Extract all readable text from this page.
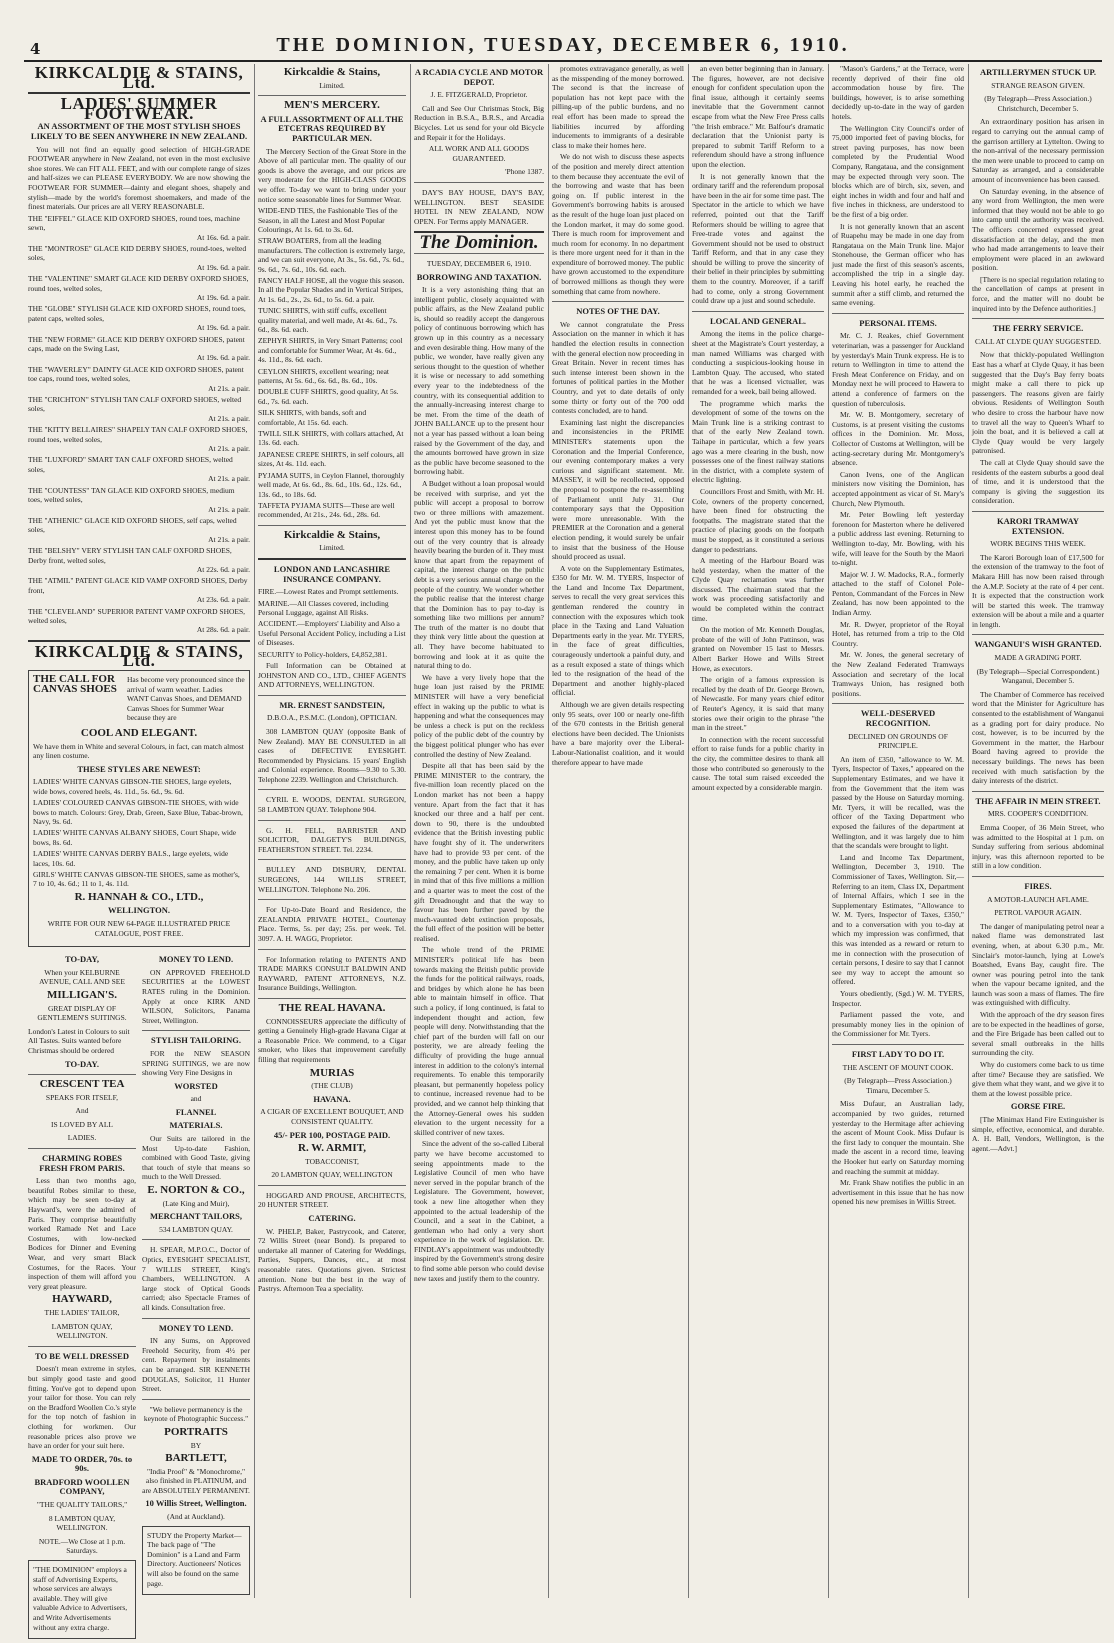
4	THE DOMINION, TUESDAY, DECEMBER 6, 1910.
KIRKCALDIE & STAINS, Ltd.
LADIES' SUMMER FOOTWEAR.
AN ASSORTMENT OF THE MOST STYLISH SHOES LIKELY TO BE SEEN ANYWHERE IN NEW ZEALAND.

You will not find an equally good selection of HIGH-GRADE FOOTWEAR anywhere in New Zealand, not even in the most exclusive shoe stores. We can FIT ALL FEET, and with our complete range of sizes and half-sizes we can PLEASE EVERYBODY. We are now showing the FOOTWEAR FOR SUMMER—dainty and elegant shoes, shapely and stylish—made by the world's foremost shoemakers, and made of the finest materials. Our prices are all VERY REASONABLE.

THE "EIFFEL" GLACE KID OXFORD SHOES, round toes, machine sewn,
At 16s. 6d. a pair.
THE "MONTROSE" GLACE KID DERBY SHOES, round-toes, welted soles,
At 19s. 6d. a pair.
THE "VALENTINE" SMART GLACE KID DERBY OXFORD SHOES, round toes, welted soles,
At 19s. 6d. a pair.
THE "GLOBE" STYLISH GLACE KID OXFORD SHOES, round toes, patent caps, welted soles,
At 19s. 6d. a pair.
THE "NEW FORME" GLACE KID DERBY OXFORD SHOES, patent caps, made on the Swing Last,
At 19s. 6d. a pair.
THE "WAVERLEY" DAINTY GLACE KID OXFORD SHOES, patent toe caps, round toes, welted soles,
At 21s. a pair.
THE "CRICHTON" STYLISH TAN CALF OXFORD SHOES, welted soles,
At 21s. a pair.
THE "KITTY BELLAIRES" SHAPELY TAN CALF OXFORD SHOES, round toes, welted soles,
At 21s. a pair.
THE "LUXFORD" SMART TAN CALF OXFORD SHOES, welted soles,
At 21s. a pair.
THE "COUNTESS" TAN GLACE KID OXFORD SHOES, medium toes, welted soles,
At 21s. a pair.
THE "ATHENIC" GLACE KID OXFORD SHOES, self caps, welted soles,
At 21s. a pair.
THE "BELSHY" VERY STYLISH TAN CALF OXFORD SHOES, Derby front, welted soles,
At 22s. 6d. a pair.
THE "ATMIL" PATENT GLACE KID VAMP OXFORD SHOES, Derby front,
At 23s. 6d. a pair.
THE "CLEVELAND" SUPERIOR PATENT VAMP OXFORD SHOES, welted soles,
At 28s. 6d. a pair.
KIRKCALDIE & STAINS, Ltd.
THE CALL FOR CANVAS SHOES
Has become very pronounced since the arrival of warm weather. Ladies WANT Canvas Shoes, and DEMAND Canvas Shoes for Summer Wear because they are
COOL AND ELEGANT.
We have them in White and several Colours, in fact, can match almost any linen costume.
THESE STYLES ARE NEWEST:
LADIES' WHITE CANVAS GIBSON-TIE SHOES, large eyelets, wide bows, covered heels, 4s. 11d., 5s. 6d., 9s. 6d.
LADIES' COLOURED CANVAS GIBSON-TIE SHOES, with wide bows to match. Colours: Grey, Drab, Green, Saxe Blue, Tabac-brown, Navy, 9s. 6d.
LADIES' WHITE CANVAS ALBANY SHOES, Court Shape, wide bows, 8s. 6d.
LADIES' WHITE CANVAS DERBY BALS., large eyelets, wide laces, 10s. 6d.
GIRLS' WHITE CANVAS GIBSON-TIE SHOES, same as mother's, 7 to 10, 4s. 6d.; 11 to 1, 4s. 11d.
R. HANNAH & CO., LTD.,
WELLINGTON.
WRITE FOR OUR NEW 64-PAGE ILLUSTRATED PRICE CATALOGUE, POST FREE.
TO-DAY,
When your KELBURNE AVENUE, CALL AND SEE
MILLIGAN'S.
GREAT DISPLAY OF GENTLEMEN'S SUITINGS.
London's Latest in Colours to suit All Tastes. Suits wanted before Christmas should be ordered
TO-DAY.
CRESCENT TEA
SPEAKS FOR ITSELF,
And
IS LOVED BY ALL
LADIES.
CHARMING ROBES FRESH FROM PARIS.

Less than two months ago, beautiful Robes similar to these, which may be seen to-day at Hayward's, were the admired of Paris. They comprise beautifully worked Ramade Net and Lace Costumes, with low-necked Bodices for Dinner and Evening Wear, and very smart Black Costumes, for the Races. Your inspection of them will afford you very great pleasure.

HAYWARD,
THE LADIES' TAILOR,
LAMBTON QUAY, WELLINGTON.
TO BE WELL DRESSED

Doesn't mean extreme in styles, but simply good taste and good fitting. You've got to depend upon your tailor for those. You can rely on the Bradford Woollen Co.'s style for the top notch of fashion in clothing for workmen. Our reasonable prices also prove we have an order for your suit here.

MADE TO ORDER, 70s. to 90s.
BRADFORD WOOLLEN COMPANY,
"THE QUALITY TAILORS,"
8 LAMBTON QUAY, WELLINGTON.
NOTE.—We Close at 1 p.m. Saturdays.
"THE DOMINION" employs a staff of Advertising Experts, whose services are always available. They will give valuable Advice to Advertisers, and Write Advertisements without any extra charge.
MONEY TO LEND.

ON APPROVED FREEHOLD SECURITIES at the LOWEST RATES ruling in the Dominion. Apply at once KIRK AND WILSON, Solicitors, Panama Street, Wellington.

STYLISH TAILORING.

FOR the NEW SEASON SPRING SUITINGS, we are now showing Very Fine Designs in

WORSTED
and
FLANNEL
MATERIALS.

Our Suits are tailored in the Most Up-to-date Fashion, combined with Good Taste, giving that touch of style that means so much to the Well Dressed.

E. NORTON & CO.,
(Late King and Muir),
MERCHANT TAILORS,
534 LAMBTON QUAY.

H. SPEAR, M.P.O.C., Doctor of Optics, EYESIGHT SPECIALIST, 7 WILLIS STREET, King's Chambers, WELLINGTON. A large stock of Optical Goods carried; also Spectacle Frames of all kinds. Consultation free.

MONEY TO LEND.

IN any Sums, on Approved Freehold Security, from 4½ per cent. Repayment by instalments can be arranged. SIR KENNETH DOUGLAS, Solicitor, 11 Hunter Street.

"We believe permanency is the keynote of Photographic Success."
PORTRAITS
BY
BARTLETT,
"India Proof" & "Monochrome," also finished in PLATINUM, and are ABSOLUTELY PERMANENT.
10 Willis Street, Wellington.
(And at Auckland).
STUDY the Property Market—The back page of "The Dominion" is a Land and Farm Directory. Auctioneers' Notices will also be found on the same page.
Kirkcaldie & Stains,
Limited.
MEN'S MERCERY.
A FULL ASSORTMENT OF ALL THE ETCETRAS REQUIRED BY PARTICULAR MEN.

The Mercery Section of the Great Store in the Above of all particular men. The quality of our goods is above the average, and our prices are very moderate for the HIGH-CLASS GOODS we offer. To-day we want to bring under your notice some seasonable lines for Summer Wear.

WIDE-END TIES, the Fashionable Ties of the Season, in all the Latest and Most Popular Colourings, At 1s. 6d. to 3s. 6d.
STRAW BOATERS, from all the leading manufacturers. The collection is extremely large, and we can suit everyone, At 3s., 5s. 6d., 7s. 6d., 9s. 6d., 7s. 6d., 10s. 6d. each.
FANCY HALF HOSE, all the vogue this season. In all the Popular Shades and in Vertical Stripes, At 1s. 6d., 2s., 2s. 6d., to 5s. 6d. a pair.
TUNIC SHIRTS, with stiff cuffs, excellent quality material, and well made, At 4s. 6d., 7s. 6d., 8s. 6d. each.
ZEPHYR SHIRTS, in Very Smart Patterns; cool and comfortable for Summer Wear, At 4s. 6d., 4s. 11d., 8s. 6d. each.
CEYLON SHIRTS, excellent wearing; neat patterns, At 5s. 6d., 6s. 6d., 8s. 6d., 10s.
DOUBLE CUFF SHIRTS, good quality, At 5s. 6d., 7s. 6d. each.
SILK SHIRTS, with bands, soft and comfortable, At 15s. 6d. each.
TWILL SILK SHIRTS, with collars attached, At 13s. 6d. each.
JAPANESE CREPE SHIRTS, in self colours, all sizes, At 4s. 11d. each.
PYJAMA SUITS, in Ceylon Flannel, thoroughly well made, At 6s. 6d., 8s. 6d., 10s. 6d., 12s. 6d., 13s. 6d., to 18s. 6d.
TAFFETA PYJAMA SUITS—These are well recommended, At 21s., 24s. 6d., 28s. 6d.
Kirkcaldie & Stains,
Limited.
LONDON AND LANCASHIRE INSURANCE COMPANY.
FIRE.—Lowest Rates and Prompt settlements.
MARINE.—All Classes covered, including Personal Luggage, against All Risks.
ACCIDENT.—Employers' Liability and Also a Useful Personal Accident Policy, including a List of Diseases.
SECURITY to Policy-holders, £4,852,381.

Full Information can be Obtained at JOHNSTON AND CO., LTD., CHIEF AGENTS AND ATTORNEYS, WELLINGTON.

MR. ERNEST SANDSTEIN,
D.B.O.A., P.S.M.C. (London), OPTICIAN.

308 LAMBTON QUAY (opposite Bank of New Zealand). MAY BE CONSULTED in all cases of DEFECTIVE EYESIGHT. Recommended by Physicians. 15 years' English and Colonial experience. Rooms—9.30 to 5.30. Telephone 2239. Wellington and Christchurch.

CYRIL E. WOODS, DENTAL SURGEON, 58 LAMBTON QUAY. Telephone 904.

G. H. FELL, BARRISTER AND SOLICITOR, DALGETY'S BUILDINGS, FEATHERSTON STREET. Tel. 2234.

BULLEY AND DISBURY, DENTAL SURGEONS, 144 WILLIS STREET, WELLINGTON. Telephone No. 206.

For Up-to-Date Board and Residence, the ZEALANDIA PRIVATE HOTEL, Courtenay Place. Terms, 5s. per day; 25s. per week. Tel. 3097. A. H. WAGG, Proprietor.

For Information relating to PATENTS AND TRADE MARKS CONSULT BALDWIN AND RAYWARD, PATENT ATTORNEYS, N.Z. Insurance Buildings, Wellington.

THE REAL HAVANA.

CONNOISSEURS appreciate the difficulty of getting a Genuinely High-grade Havana Cigar at a Reasonable Price. We commend, to a Cigar smoker, who likes that improvement carefully filling that requirements

MURIAS
(THE CLUB)
HAVANA.
A CIGAR OF EXCELLENT BOUQUET, AND CONSISTENT QUALITY.
45/- PER 100, POSTAGE PAID.
R. W. ARMIT,
TOBACCONIST,
20 LAMBTON QUAY, WELLINGTON

HOGGARD AND PROUSE, ARCHITECTS, 20 HUNTER STREET.

CATERING.

W. PHELP, Baker, Pastrycook, and Caterer, 72 Willis Street (near Bond). Is prepared to undertake all manner of Catering for Weddings, Parties, Suppers, Dances, etc., at most reasonable rates. Quotations given. Strictest attention. None but the best in the way of Pastrys. Afternoon Tea a speciality.

A RCADIA CYCLE AND MOTOR DEPOT.
J. E. FITZGERALD, Proprietor.

Call and See Our Christmas Stock, Big Reduction in B.S.A., B.R.S., and Arcadia Bicycles. Let us send for your old Bicycle and Repair it for the Holidays.

ALL WORK AND ALL GOODS GUARANTEED.
'Phone 1387.

DAY'S BAY HOUSE, DAY'S BAY, WELLINGTON. BEST SEASIDE HOTEL IN NEW ZEALAND, NOW OPEN. For Terms apply MANAGER.

The Dominion.
TUESDAY, DECEMBER 6, 1910.
BORROWING AND TAXATION.

It is a very astonishing thing that an intelligent public, closely acquainted with public affairs, as the New Zealand public is, should so readily accept the dangerous policy of continuous borrowing which has grown up in this country as a necessary and even desirable thing. How many of the public, we wonder, have really given any serious thought to the question of whether it is wise or necessary to add something every year to the indebtedness of the country, with its consequential addition to the annually-increasing interest charge to be met. From the time of the death of JOHN BALLANCE up to the present hour not a year has passed without a loan being raised by the Government of the day, and the amounts borrowed have grown in size as the public have become seasoned to the borrowing habit.

A Budget without a loan proposal would be received with surprise, and yet the public will accept a proposal to borrow two or three millions with amazement. And yet the public must know that the interest upon this money has to be found out of the very country that is already heavily bearing the burden of it. They must know that apart from the repayment of capital, the interest charge on the public debt is a very serious annual charge on the people of the country. We wonder whether the public realise that the interest charge that the Dominion has to pay to-day is something like two millions per annum? The truth of the matter is no doubt that they think very little about the question at all. They have become habituated to borrowing and look at it as quite the natural thing to do.

We have a very lively hope that the huge loan just raised by the PRIME MINISTER will have a very beneficial effect in waking up the public to what is happening and what the consequences may be unless a check is put on the reckless policy of the public debt of the country by the biggest political plunger who has ever controlled the destiny of New Zealand.

Despite all that has been said by the PRIME MINISTER to the contrary, the five-million loan recently placed on the London market has not been a happy venture. Apart from the fact that it has knocked our three and a half per cent. down to 90, there is the undoubted evidence that the British investing public have fought shy of it. The underwriters have had to provide 93 per cent. of the money, and the public have taken up only the remaining 7 per cent. When it is borne in mind that of this five millions a million and a quarter was to meet the cost of the gift Dreadnought and that the way to favour has been further paved by the much-vaunted debt extinction proposals, the full effect of the position will be better realised.

The whole trend of the PRIME MINISTER's political life has been towards making the British public provide the funds for the political railways, roads, and bridges by which alone he has been able to maintain himself in office. That such a policy, if long continued, is fatal to independent thought and action, few people will deny. Notwithstanding that the chief part of the burden will fall on our posterity, we are already feeling the difficulty of providing the huge annual interest in addition to the colony's internal requirements. To enable this temporarily pleasant, but permanently hopeless policy to continue, increased revenue had to be provided, and we cannot help thinking that the Attorney-General owes his sudden elevation to the urgent necessity for a skilled contriver of new taxes.

Since the advent of the so-called Liberal party we have become accustomed to seeing appointments made to the Legislative Council of men who have never served in the popular branch of the Legislature. The Government, however, took a new line altogether when they appointed to the actual leadership of the Council, and a seat in the Cabinet, a gentleman who had only a very short experience in the work of legislation. Dr. FINDLAY's appointment was undoubtedly inspired by the Government's strong desire to find some able person who could devise new taxes and justify them to the country.

promotes extravagance generally, as well as the misspending of the money borrowed. The second is that the increase of population has not kept pace with the pilling-up of the public burdens, and no real effort has been made to spread the liabilities incurred by affording inducements to immigrants of a desirable class to make their homes here.

We do not wish to discuss these aspects of the position and merely direct attention to them because they accentuate the evil of the borrowing and waste that has been going on. If public interest in the Government's borrowing habits is aroused as the result of the huge loan just placed on the London market, it may do some good. There is much room for improvement and much room for economy. In no department is there more urgent need for it than in the expenditure of borrowed money. The public have grown accustomed to the expenditure of borrowed millions as though they were something that came from nowhere.

NOTES OF THE DAY.

We cannot congratulate the Press Association on the manner in which it has handled the election results in connection with the general election now proceeding in Great Britain. Never in recent times has such intense interest been shown in the fortunes of political parties in the Mother Country, and yet to date details of only some thirty or forty out of the 700 odd contests concluded, are to hand.

Examining last night the discrepancies and inconsistencies in the PRIME MINISTER's statements upon the Coronation and the Imperial Conference, our evening contemporary makes a very curious and significant statement. Mr. MASSEY, it will be recollected, opposed the proposal to postpone the re-assembling of Parliament until July 31. Our contemporary says that the Opposition were more unreasonable. With the PREMIER at the Coronation and a general election pending, it would surely be unfair to insist that the business of the House should proceed as usual.

A vote on the Supplementary Estimates, £350 for Mr. W. M. TYERS, Inspector of the Land and Income Tax Department, serves to recall the very great services this gentleman rendered the country in connection with the exposures which took place in the Taxing and Land Valuation Departments early in the year. Mr. TYERS, in the face of great difficulties, courageously undertook a painful duty, and as a result exposed a state of things which led to the resignation of the head of the Department and another highly-placed official.

Although we are given details respecting only 95 seats, over 100 or nearly one-fifth of the 670 contests in the British general elections have been decided. The Unionists have a bare majority over the Liberal-Labour-Nationalist coalition, and it would therefore appear to have made

an even better beginning than in January. The figures, however, are not decisive enough for confident speculation upon the final issue, although it certainly seems inevitable that the Government cannot escape from what the New Free Press calls "the Irish embrace." Mr. Balfour's dramatic declaration that the Unionist party is prepared to submit Tariff Reform to a referendum should have a strong influence upon the election.

It is not generally known that the ordinary tariff and the referendum proposal have been in the air for some time past. The Spectator in the article to which we have referred, pointed out that the Tariff Reformers should be willing to agree that Free-trade votes and against the Government should not be used to obstruct Tariff Reform, and that in any case they should be willing to prove the sincerity of their belief in their principles by submitting them to the country. Moreover, if a tariff had to come, only a strong Government could draw up a just and sound schedule.

LOCAL AND GENERAL.

Among the items in the police charge-sheet at the Magistrate's Court yesterday, a man named Williams was charged with conducting a suspicious-looking house in Lambton Quay. The accused, who stated that he was a licensed victualler, was remanded for a week, bail being allowed.

The programme which marks the development of some of the towns on the Main Trunk line is a striking contrast to that of the early New Zealand town. Taihape in particular, which a few years ago was a mere clearing in the bush, now possesses one of the finest railway stations in the district, with a complete system of electric lighting.

Councillors Frost and Smith, with Mr. H. Cole, owners of the property concerned, have been fined for obstructing the footpaths. The magistrate stated that the practice of placing goods on the footpath must be stopped, as it constituted a serious danger to pedestrians.

A meeting of the Harbour Board was held yesterday, when the matter of the Clyde Quay reclamation was further discussed. The chairman stated that the work was proceeding satisfactorily and would be completed within the contract time.

On the motion of Mr. Kenneth Douglas, probate of the will of John Pattinson, was granted on November 15 last to Messrs. Albert Barker Howe and Wills Street Howe, as executors.

The origin of a famous expression is recalled by the death of Dr. George Brown, of Newcastle. For many years chief editor of Reuter's Agency, it is said that many stories owe their origin to the phrase "the man in the street."

In connection with the recent successful effort to raise funds for a public charity in the city, the committee desires to thank all those who contributed so generously to the cause. The total sum raised exceeded the amount expected by a considerable margin.

"Mason's Gardens," at the Terrace, were recently deprived of their fine old accommodation house by fire. The buildings, however, is to arise something decidedly up-to-date in the way of garden hotels.

The Wellington City Council's order of 75,000 imported feet of paving blocks, for street paving purposes, has now been completed by the Prudential Wood Company, Rangataua, and the consignment may be expected through very soon. The blocks which are of birch, six, seven, and eight inches in width and four and half and five inches in thickness, are understood to be the first of a big order.

It is not generally known that an ascent of Ruapehu may be made in one day from Rangataua on the Main Trunk line. Major Stonehouse, the German officer who has just made the first of this season's ascents, accomplished the trip in a single day. Leaving his hotel early, he reached the summit after a stiff climb, and returned the same evening.

PERSONAL ITEMS.

Mr. C. J. Reakes, chief Government veterinarian, was a passenger for Auckland by yesterday's Main Trunk express. He is to return to Wellington in time to attend the Fresh Meat Conference on Friday, and on Monday next he will proceed to Hawera to attend a conference of farmers on the question of tuberculosis.

Mr. W. B. Montgomery, secretary of Customs, is at present visiting the customs offices in the Dominion. Mr. Moss, Collector of Customs at Wellington, will be acting-secretary during Mr. Montgomery's absence.

Canon Ivens, one of the Anglican ministers now visiting the Dominion, has accepted appointment as vicar of St. Mary's Church, New Plymouth.

Mr. Peter Bowling left yesterday forenoon for Masterton where he delivered a public address last evening. Returning to Wellington to-day, Mr. Bowling, with his wife, will leave for the South by the Maori to-night.

Major W. J. W. Madocks, R.A., formerly attached to the staff of Colonel Pole-Penton, Commandant of the Forces in New Zealand, has now been appointed to the Indian Army.

Mr. R. Dwyer, proprietor of the Royal Hotel, has returned from a trip to the Old Country.

Mr. W. Jones, the general secretary of the New Zealand Federated Tramways Association and secretary of the local Tramways Union, has resigned both positions.

WELL-DESERVED RECOGNITION.
DECLINED ON GROUNDS OF PRINCIPLE.

An item of £350, "allowance to W. M. Tyers, Inspector of Taxes," appeared on the Supplementary Estimates, and we have it from the Government that the item was passed by the House on Saturday morning. Mr. Tyers, it will be recalled, was the officer of the Taxing Department who exposed the failures of the department at Wellington, and it was largely due to him that the scandals were brought to light.

Land and Income Tax Department, Wellington, December 3, 1910. The Commissioner of Taxes, Wellington. Sir,—Referring to an item, Class IX, Department of Internal Affairs, which I see in the Supplementary Estimates, "Allowance to W. M. Tyers, Inspector of Taxes, £350," and to a conversation with you to-day at which my impression was confirmed, that this was intended as a reward or return to me in connection with the prosecution of certain persons, I desire to say that I cannot see my way to accept the amount so offered.

Yours obediently, (Sgd.) W. M. TYERS, Inspector.

Parliament passed the vote, and presumably money lies in the opinion of the Commissioner for Mr. Tyers.

FIRST LADY TO DO IT.
THE ASCENT OF MOUNT COOK.
(By Telegraph—Press Association.) Timaru, December 5.

Miss Dufaur, an Australian lady, accompanied by two guides, returned yesterday to the Hermitage after achieving the ascent of Mount Cook. Miss Dufaur is the first lady to conquer the mountain. She made the ascent in a record time, leaving the Hooker hut early on Saturday morning and reaching the summit at midday.

Mr. Frank Shaw notifies the public in an advertisement in this issue that he has now opened his new premises in Willis Street.

ARTILLERYMEN STUCK UP.
STRANGE REASON GIVEN.
(By Telegraph—Press Association.) Christchurch, December 5.

An extraordinary position has arisen in regard to carrying out the annual camp of the garrison artillery at Lyttelton. Owing to the non-arrival of the necessary permission the men were unable to proceed to camp on Saturday as arranged, and a considerable amount of inconvenience has been caused.

On Saturday evening, in the absence of any word from Wellington, the men were informed that they would not be able to go into camp until the authority was received. The officers concerned expressed great dissatisfaction at the delay, and the men who had made arrangements to leave their employment were placed in an awkward position.

[There is no special regulation relating to the cancellation of camps at present in force, and the matter will no doubt be inquired into by the Defence authorities.]

THE FERRY SERVICE.
CALL AT CLYDE QUAY SUGGESTED.

Now that thickly-populated Wellington East has a wharf at Clyde Quay, it has been suggested that the Day's Bay ferry boats might make a call there to pick up passengers. The reasons given are fairly obvious. Residents of Wellington South who desire to cross the harbour have now to travel all the way to Queen's Wharf to join the boat, and it is believed a call at Clyde Quay would be very largely patronised.

The call at Clyde Quay should save the residents of the eastern suburbs a good deal of time, and it is understood that the company is giving the suggestion its consideration.

KARORI TRAMWAY EXTENSION.
WORK BEGINS THIS WEEK.

The Karori Borough loan of £17,500 for the extension of the tramway to the foot of Makara Hill has now been raised through the A.M.P. Society at the rate of 4 per cent. It is expected that the construction work will be started this week. The tramway extension will be about a mile and a quarter in length.

WANGANUI'S WISH GRANTED.
MADE A GRADING PORT.
(By Telegraph—Special Correspondent.) Wanganui, December 5.

The Chamber of Commerce has received word that the Minister for Agriculture has consented to the establishment of Wanganui as a grading port for dairy produce. No cost, however, is to be incurred by the Government in the matter, the Harbour Board having agreed to provide the necessary buildings. The news has been received with much satisfaction by the dairy interests of the district.

THE AFFAIR IN MEIN STREET.
MRS. COOPER'S CONDITION.

Emma Cooper, of 36 Mein Street, who was admitted to the Hospital at 1 p.m. on Sunday suffering from serious abdominal injury, was this afternoon reported to be still in a low condition.

FIRES.
A MOTOR-LAUNCH AFLAME.
PETROL VAPOUR AGAIN.

The danger of manipulating petrol near a naked flame was demonstrated last evening, when, at about 6.30 p.m., Mr. Sinclair's motor-launch, lying at Lowe's Boatshed, Evans Bay, caught fire. The owner was pouring petrol into the tank when the vapour became ignited, and the launch was soon a mass of flames. The fire was extinguished with difficulty.

With the approach of the dry season fires are to be expected in the headlines of gorse, and the Fire Brigade has been called out to several small outbreaks in the hills surrounding the city.

Why do customers come back to us time after time? Because they are satisfied. We give them what they want, and we give it to them at the lowest possible price.

GORSE FIRE.

[The Minimax Hand Fire Extinguisher is simple, effective, economical, and durable. A. H. Ball, Vendors, Wellington, is the agent.—Advt.]
